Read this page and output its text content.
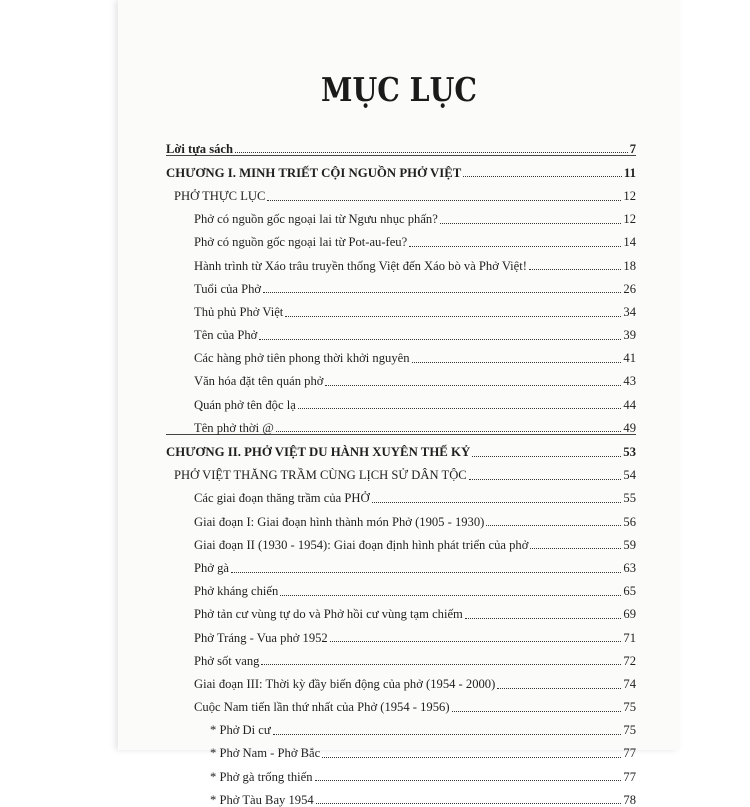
MỤC LỤC
Lời tựa sách	7
CHƯƠNG I. MINH TRIẾT CỘI NGUỒN PHỞ VIỆT	11
PHỞ THỰC LỤC	12
Phở có nguồn gốc ngoại lai từ Ngưu nhục phấn?	12
Phở có nguồn gốc ngoại lai từ Pot-au-feu?	14
Hành trình từ Xáo trâu truyền thống Việt đến Xáo bò và Phở Việt!	18
Tuổi của Phở	26
Thủ phủ Phở Việt	34
Tên của Phở	39
Các hàng phở tiên phong thời khởi nguyên	41
Văn hóa đặt tên quán phở	43
Quán phở tên độc lạ	44
Tên phở thời @	49
CHƯƠNG II. PHỞ VIỆT DU HÀNH XUYÊN THẾ KỶ	53
PHỞ VIỆT THĂNG TRẦM CÙNG LỊCH SỬ DÂN TỘC	54
Các giai đoạn thăng trầm của PHỞ	55
Giai đoạn I: Giai đoạn hình thành món Phở (1905 - 1930)	56
Giai đoạn II (1930 - 1954): Giai đoạn định hình phát triển của phở	59
Phở gà	63
Phở kháng chiến	65
Phở tản cư vùng tự do và Phở hồi cư vùng tạm chiếm	69
Phở Tráng - Vua phở 1952	71
Phở sốt vang	72
Giai đoạn III: Thời kỳ đầy biến động của phở (1954 - 2000)	74
Cuộc Nam tiến lần thứ nhất của Phở (1954 - 1956)	75
* Phở Di cư	75
* Phở Nam - Phở Bắc	77
* Phở gà trống thiến	77
* Phở Tàu Bay 1954	78
